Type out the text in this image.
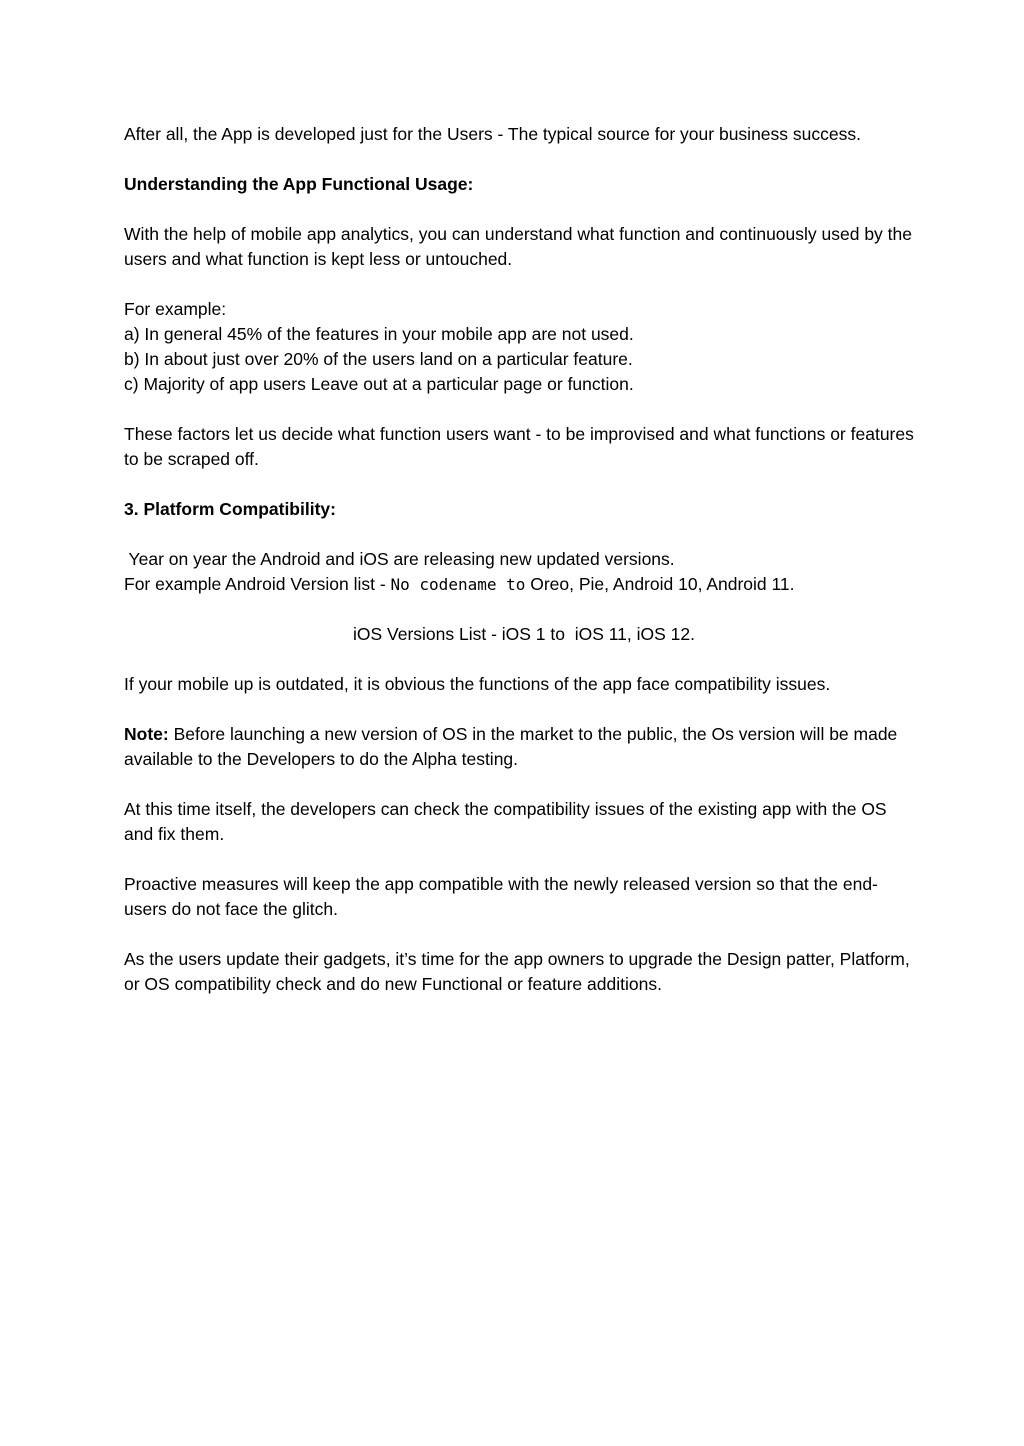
After all, the App is developed just for the Users - The typical source for your business success.

Understanding the App Functional Usage:

With the help of mobile app analytics, you can understand what function and continuously used by the users and what function is kept less or untouched.

For example:

a) In general 45% of the features in your mobile app are not used.

b) In about just over 20% of the users land on a particular feature.

c) Majority of app users Leave out at a particular page or function.

These factors let us decide what function users want - to be improvised and what functions or features to be scraped off.

3. Platform Compatibility:

Year on year the Android and iOS are releasing new updated versions.

For example Android Version list - No codename to Oreo, Pie, Android 10, Android 11.

iOS Versions List - iOS 1 to  iOS 11, iOS 12.

If your mobile up is outdated, it is obvious the functions of the app face compatibility issues.

Note: Before launching a new version of OS in the market to the public, the Os version will be made available to the Developers to do the Alpha testing.

At this time itself, the developers can check the compatibility issues of the existing app with the OS and fix them.

Proactive measures will keep the app compatible with the newly released version so that the end-users do not face the glitch.

As the users update their gadgets, it’s time for the app owners to upgrade the Design patter, Platform, or OS compatibility check and do new Functional or feature additions.
